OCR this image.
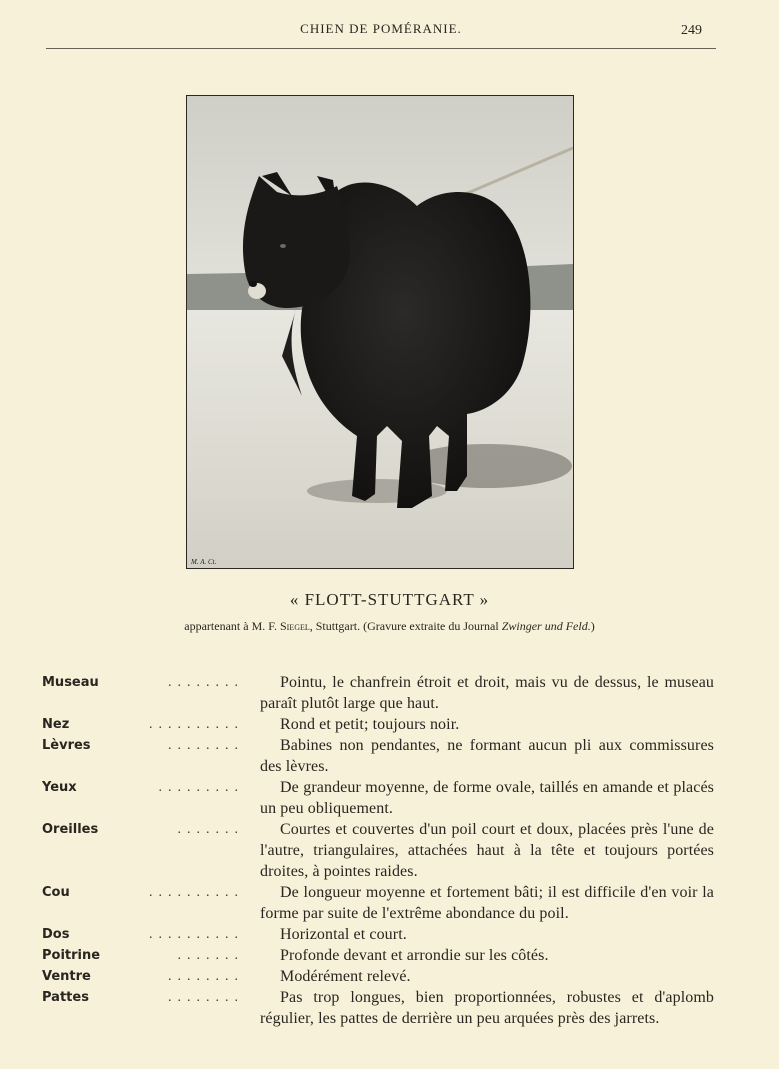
CHIEN DE POMÉRANIE.	249
M. A. Ct.
« FLOTT-STUTTGART »
appartenant à M. F. Siegel, Stuttgart. (Gravure extraite du Journal Zwinger und Feld.)
Museau	........	Pointu, le chanfrein étroit et droit, mais vu de dessus, le museau paraît plutôt large que haut.
Nez	..........	Rond et petit; toujours noir.
Lèvres	........	Babines non pendantes, ne formant aucun pli aux commissures des lèvres.
Yeux	.........	De grandeur moyenne, de forme ovale, taillés en amande et placés un peu obliquement.
Oreilles	.......	Courtes et couvertes d'un poil court et doux, placées près l'une de l'autre, triangulaires, attachées haut à la tête et toujours portées droites, à pointes raides.
Cou	..........	De longueur moyenne et fortement bâti; il est difficile d'en voir la forme par suite de l'extrême abondance du poil.
Dos	..........	Horizontal et court.
Poitrine	.......	Profonde devant et arrondie sur les côtés.
Ventre	........	Modérément relevé.
Pattes	........	Pas trop longues, bien proportionnées, robustes et d'aplomb régulier, les pattes de derrière un peu arquées près des jarrets.
